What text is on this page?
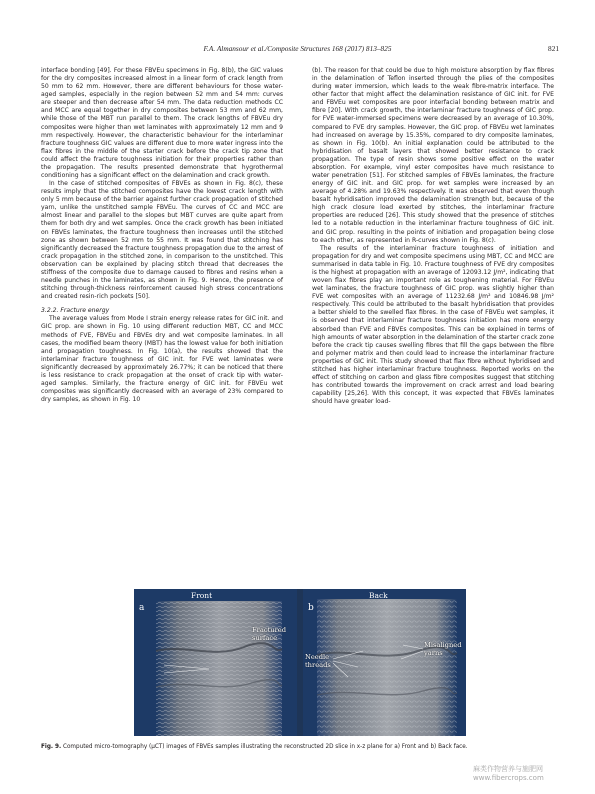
F.A. Almansour et al./Composite Structures 168 (2017) 813–825	821

interface bonding [49]. For these FBVEu specimens in Fig. 8(b), the GIC values for the dry composites increased almost in a linear form of crack length from 50 mm to 62 mm. However, there are different behaviours for those water-aged samples, especially in the region between 52 mm and 54 mm: curves are steeper and then decrease after 54 mm. The data reduction methods CC and MCC are equal together in dry composites between 53 mm and 62 mm, while those of the MBT run parallel to them. The crack lengths of FBVEu dry composites were higher than wet laminates with approximately 12 mm and 9 mm respectively. However, the characteristic behaviour for the interlaminar fracture toughness GIC values are different due to more water ingress into the flax fibres in the middle of the starter crack before the crack tip zone that could affect the fracture toughness initiation for their properties rather than the propagation. The results presented demonstrate that hygrothermal conditioning has a significant effect on the delamination and crack growth.

In the case of stitched composites of FBVEs as shown in Fig. 8(c), these results imply that the stitched composites have the lowest crack length with only 5 mm because of the barrier against further crack propagation of stitched yarn, unlike the unstitched sample FBVEu. The curves of CC and MCC are almost linear and parallel to the slopes but MBT curves are quite apart from them for both dry and wet samples. Once the crack growth has been initiated on FBVEs laminates, the fracture toughness then increases until the stitched zone as shown between 52 mm to 55 mm. It was found that stitching has significantly decreased the fracture toughness propagation due to the arrest of crack propagation in the stitched zone, in comparison to the unstitched. This observation can be explained by placing stitch thread that decreases the stiffness of the composite due to damage caused to fibres and resins when a needle punches in the laminates, as shown in Fig. 9. Hence, the presence of stitching through-thickness reinforcement caused high stress concentrations and created resin-rich pockets [50].

3.2.2. Fracture energy

The average values from Mode I strain energy release rates for GIC init. and GIC prop. are shown in Fig. 10 using different reduction MBT, CC and MCC methods of FVE, FBVEu and FBVEs dry and wet composite laminates. In all cases, the modified beam theory (MBT) has the lowest value for both initiation and propagation toughness. In Fig. 10(a), the results showed that the interlaminar fracture toughness of GIC init. for FVE wet laminates were significantly decreased by approximately 26.77%; it can be noticed that there is less resistance to crack propagation at the onset of crack tip with water-aged samples. Similarly, the fracture energy of GIC init. for FBVEu wet composites was significantly decreased with an average of 23% compared to dry samples, as shown in Fig. 10

(b). The reason for that could be due to high moisture absorption by flax fibres in the delamination of Teflon inserted through the plies of the composites during water immersion, which leads to the weak fibre-matrix interface. The other factor that might affect the delamination resistance of GIC init. for FVE and FBVEu wet composites are poor interfacial bonding between matrix and fibre [20]. With crack growth, the interlaminar fracture toughness of GIC prop. for FVE water-immersed specimens were decreased by an average of 10.30%, compared to FVE dry samples. However, the GIC prop. of FBVEu wet laminates had increased on average by 15.35%, compared to dry composite laminates, as shown in Fig. 10(b). An initial explanation could be attributed to the hybridisation of basalt layers that showed better resistance to crack propagation. The type of resin shows some positive effect on the water absorption. For example, vinyl ester composites have much resistance to water penetration [51]. For stitched samples of FBVEs laminates, the fracture energy of GIC init. and GIC prop. for wet samples were increased by an average of 4.28% and 19.63% respectively. It was observed that even though basalt hybridisation improved the delamination strength but, because of the high crack closure load exerted by stitches, the interlaminar fracture properties are reduced [26]. This study showed that the presence of stitches led to a notable reduction in the interlaminar fracture toughness of GIC init. and GIC prop. resulting in the points of initiation and propagation being close to each other, as represented in R-curves shown in Fig. 8(c).

The results of the interlaminar fracture toughness of initiation and propagation for dry and wet composite specimens using MBT, CC and MCC are summarised in data table in Fig. 10. Fracture toughness of FVE dry composites is the highest at propagation with an average of 12093.12 J/m², indicating that woven flax fibres play an important role as toughening material. For FBVEu wet laminates, the fracture toughness of GIC prop. was slightly higher than FVE wet composites with an average of 11232.68 J/m² and 10846.98 J/m² respectively. This could be attributed to the basalt hybridisation that provides a better shield to the swelled flax fibres. In the case of FBVEu wet samples, it is observed that interlaminar fracture toughness initiation has more energy absorbed than FVE and FBVEs composites. This can be explained in terms of high amounts of water absorption in the delamination of the starter crack zone before the crack tip causes swelling fibres that fill the gaps between the fibre and polymer matrix and then could lead to increase the interlaminar fracture properties of GIC init. This study showed that flax fibre without hybridised and stitched has higher interlaminar fracture toughness. Reported works on the effect of stitching on carbon and glass fibre composites suggest that stitching has contributed towards the improvement on crack arrest and load bearing capability [25,26]. With this concept, it was expected that FBVEs laminates should have greater load-

a
Front
Fractured surface
b
Back
Needle threads
Misaligned yarns
Fig. 9. Computed micro-tomography (μCT) images of FBVEs samples illustrating the reconstructed 2D slice in x-z plane for a) Front and b) Back face.
麻类作物营养与施肥网
www.fibercrops.com
